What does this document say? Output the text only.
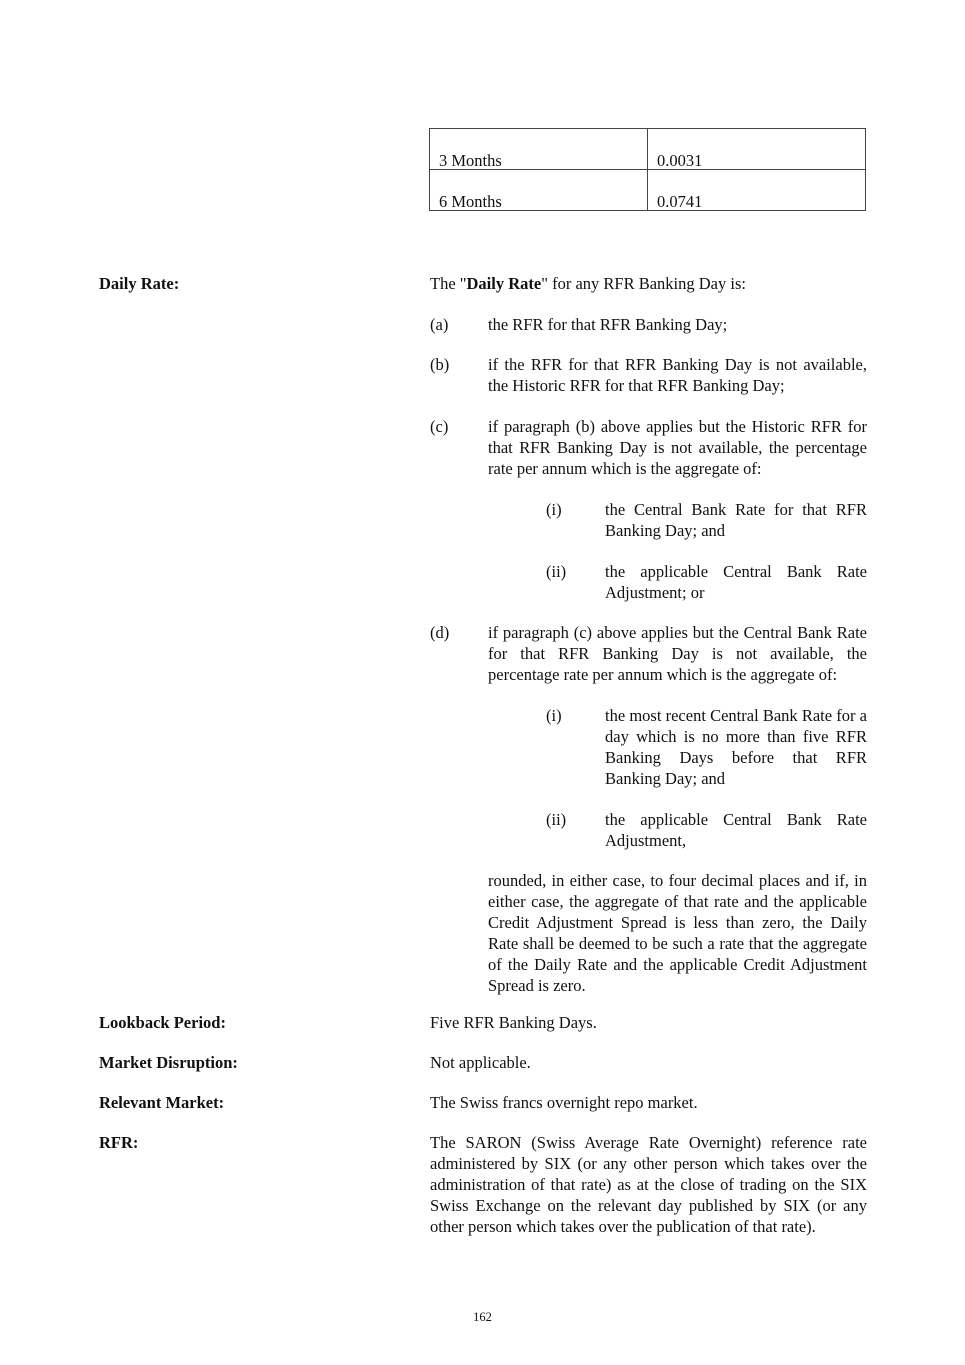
3 Months	0.0031

6 Months	0.0741
Daily Rate:	The "Daily Rate" for any RFR Banking Day is:
(a) the RFR for that RFR Banking Day;
(b) if the RFR for that RFR Banking Day is not available, the Historic RFR for that RFR Banking Day;
(c) if paragraph (b) above applies but the Historic RFR for that RFR Banking Day is not available, the percentage rate per annum which is the aggregate of:
(i)	the Central Bank Rate for that RFR Banking Day; and
(ii) the applicable Central Bank Rate Adjustment; or
(d) if paragraph (c) above applies but the Central Bank Rate for that RFR Banking Day is not available, the percentage rate per annum which is the aggregate of:
(i)	the most recent Central Bank Rate for a day which is no more than five RFR Banking Days before that RFR Banking Day; and
(ii) the applicable Central Bank Rate Adjustment,
rounded, in either case, to four decimal places and if, in either case, the aggregate of that rate and the applicable Credit Adjustment Spread is less than zero, the Daily Rate shall be deemed to be such a rate that the aggregate of the Daily Rate and the applicable Credit Adjustment Spread is zero.
Lookback Period:	Five RFR Banking Days.
Market Disruption:	Not applicable.
Relevant Market:	The Swiss francs overnight repo market.
RFR:	The SARON (Swiss Average Rate Overnight) reference rate administered by SIX (or any other person which takes over the administration of that rate) as at the close of trading on the SIX Swiss Exchange on the relevant day published by SIX (or any other person which takes over the publication of that rate).
162
